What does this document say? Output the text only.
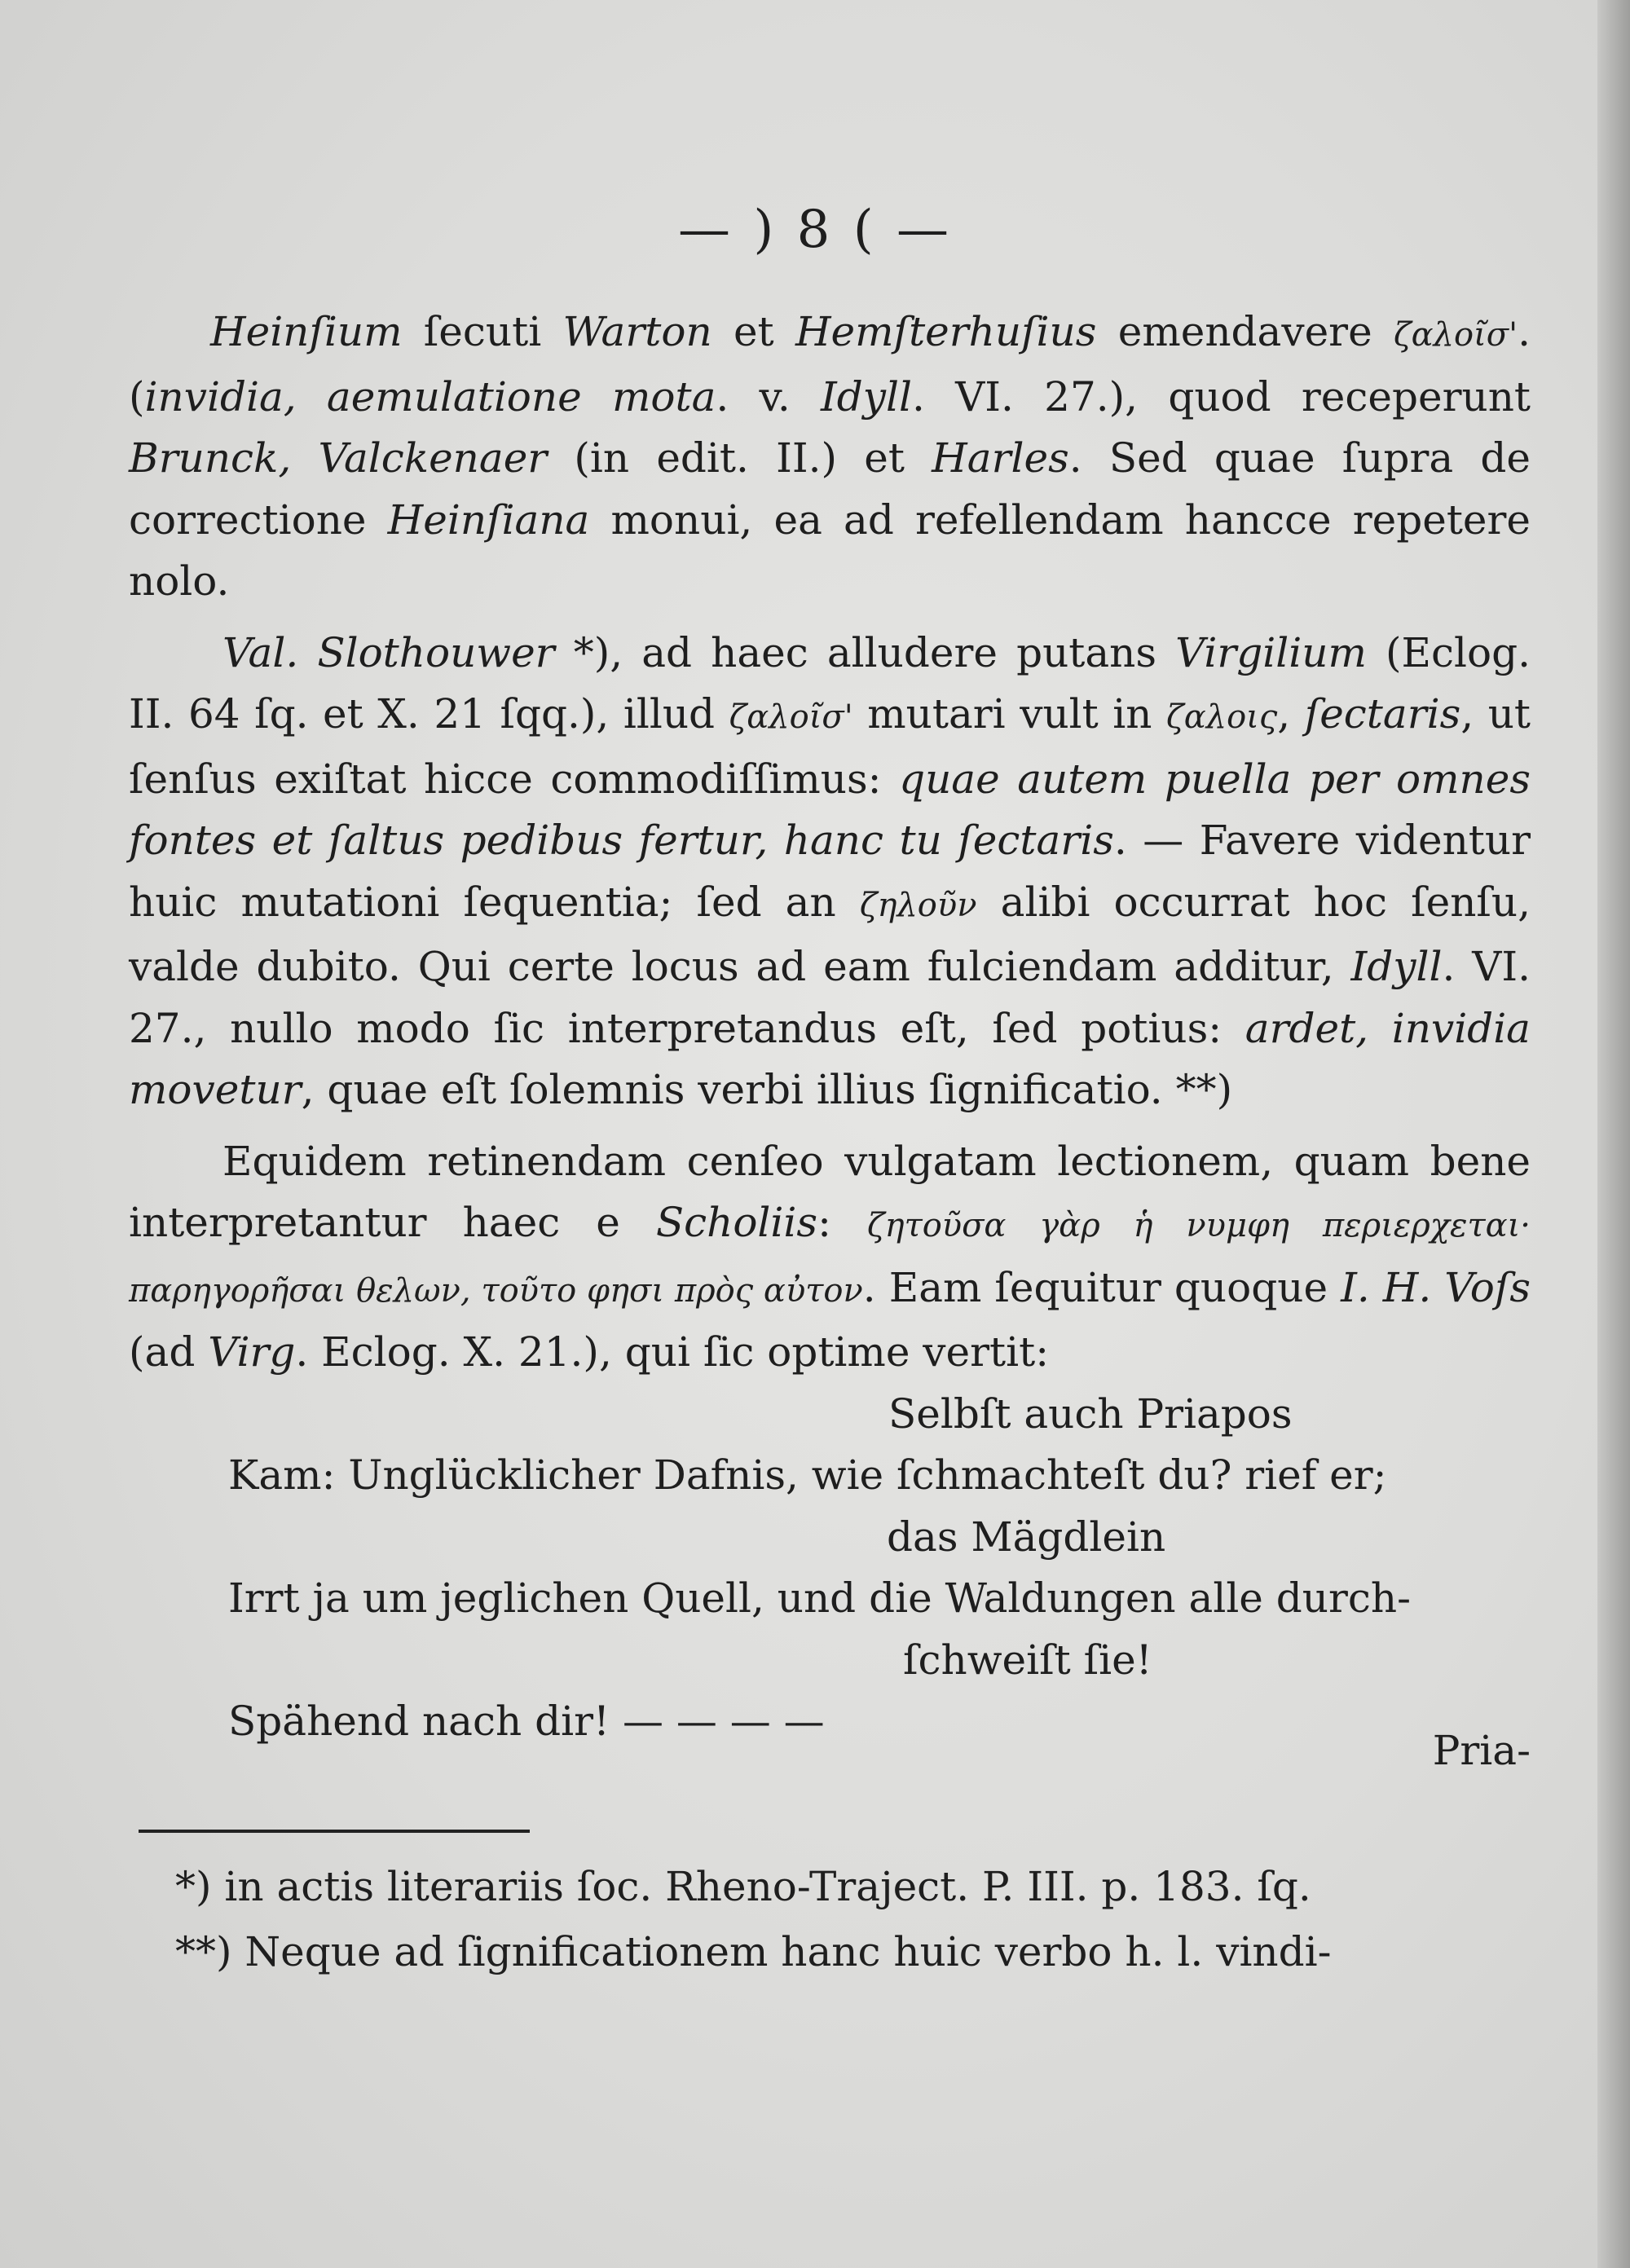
— ) 8 ( —

Heinſium ſecuti Warton et Hemſterhuſius emendavere ζαλοῖσ'. (invidia, aemulatione mota. v. Idyll. VI. 27.), quod receperunt Brunck, Valckenaer (in edit. II.) et Harles. Sed quae ſupra de correctione Heinſiana monui, ea ad refellendam hancce repetere nolo.

Val. Slothouwer *), ad haec alludere putans Virgilium (Eclog. II. 64 ſq. et X. 21 ſqq.), illud ζαλοῖσ' mutari vult in ζαλοις, ſectaris, ut ſenſus exiſtat hicce commodiſſimus: quae autem puella per omnes fontes et ſaltus pedibus fertur, hanc tu ſectaris. — Favere videntur huic mutationi ſequentia; ſed an ζηλοῦν alibi occurrat hoc ſenſu, valde dubito. Qui certe locus ad eam fulciendam additur, Idyll. VI. 27., nullo modo ſic interpretandus eſt, ſed potius: ardet, invidia movetur, quae eſt ſolemnis verbi illius ſignificatio. **)

Equidem retinendam cenſeo vulgatam lectionem, quam bene interpretantur haec e Scholiis: ζητοῦσα γὰρ ἡ νυμφη περιερχεται· παρηγορῆσαι θελων, τοῦτο φησι πρὸς αὐτον. Eam ſequitur quoque I. H. Voſs (ad Virg. Eclog. X. 21.), qui ſic optime vertit:

Selbſt auch Priapos
Kam: Unglücklicher Dafnis, wie ſchmachteſt du? rief er;
das Mägdlein
Irrt ja um jeglichen Quell, und die Waldungen alle durch-
ſchweiſt ſie!
Spähend nach dir! — — — —
Pria-
*) in actis literariis ſoc. Rheno-Traject. P. III. p. 183. ſq.
**) Neque ad ſignificationem hanc huic verbo h. l. vindi-
